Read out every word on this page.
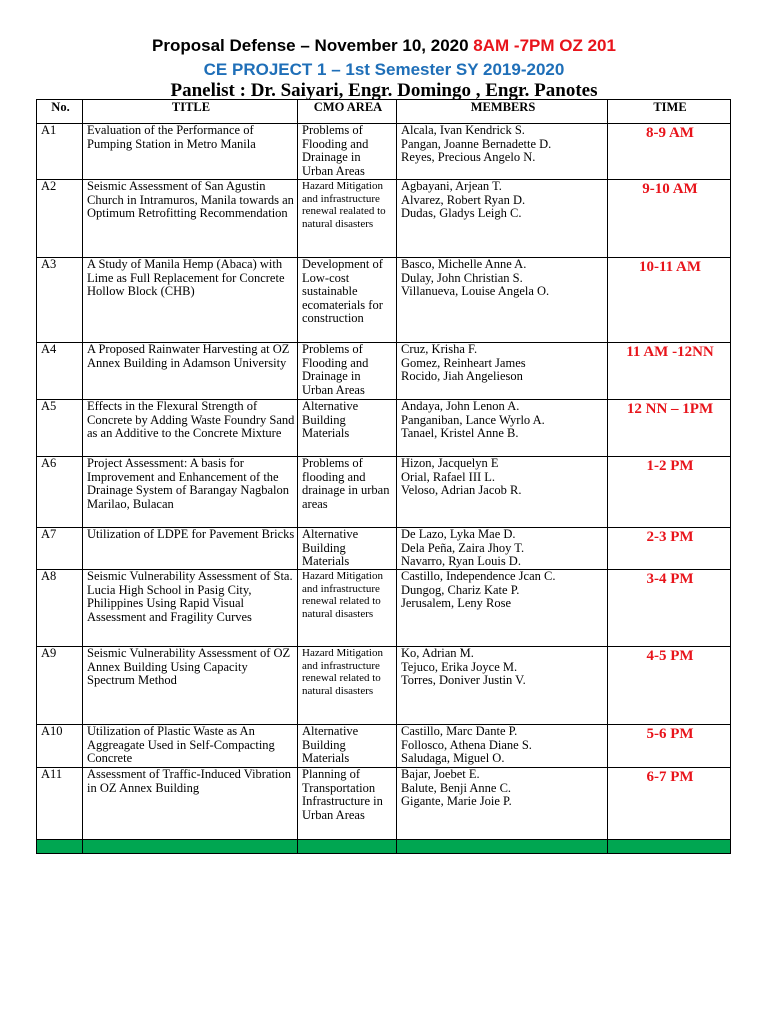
Proposal Defense – November 10, 2020 8AM -7PM OZ 201
CE PROJECT 1 – 1st Semester SY 2019-2020
Panelist : Dr. Saiyari, Engr. Domingo , Engr. Panotes
No.	TITLE	CMO AREA	MEMBERS	TIME
A1	Evaluation of the Performance of Pumping Station in Metro Manila	Problems of Flooding and Drainage in Urban Areas	Alcala, Ivan Kendrick S.
Pangan, Joanne Bernadette D.
Reyes, Precious Angelo N.	8-9 AM
A2	Seismic Assessment of San Agustin Church in Intramuros, Manila towards an Optimum Retrofitting Recommendation	Hazard Mitigation and infrastructure renewal realated to natural disasters	Agbayani, Arjean T.
Alvarez, Robert Ryan D.
Dudas, Gladys Leigh C.	9-10 AM
A3	A Study of Manila Hemp (Abaca) with Lime as Full Replacement for Concrete Hollow Block (CHB)	Development of Low-cost sustainable ecomaterials for construction	Basco, Michelle Anne A.
Dulay, John Christian S.
Villanueva, Louise Angela O.	10-11 AM
A4	A Proposed Rainwater Harvesting at OZ Annex Building in Adamson University	Problems of Flooding and Drainage in Urban Areas	Cruz, Krisha F.
Gomez, Reinheart James
Rocido, Jiah Angelieson	11 AM -12NN
A5	Effects in the Flexural Strength of Concrete by Adding Waste Foundry Sand as an Additive to the Concrete Mixture	Alternative Building Materials	Andaya, John Lenon A.
Panganiban, Lance Wyrlo A.
Tanael, Kristel Anne B.	12 NN – 1PM
A6	Project Assessment: A basis for Improvement and Enhancement of the Drainage System of Barangay Nagbalon Marilao, Bulacan	Problems of flooding and drainage in urban areas	Hizon, Jacquelyn E
Orial, Rafael III L.
Veloso, Adrian Jacob R.	1-2 PM
A7	Utilization of LDPE for Pavement Bricks	Alternative Building Materials	De Lazo, Lyka Mae D.
Dela Peña, Zaira Jhoy T.
Navarro, Ryan Louis D.	2-3 PM
A8	Seismic Vulnerability Assessment of Sta. Lucia High School in Pasig City, Philippines Using Rapid Visual Assessment and Fragility Curves	Hazard Mitigation and infrastructure renewal related to natural disasters	Castillo, Independence Jcan C.
Dungog, Chariz Kate P.
Jerusalem, Leny Rose	3-4 PM
A9	Seismic Vulnerability Assessment of OZ Annex Building Using Capacity Spectrum Method	Hazard Mitigation and infrastructure renewal related to natural disasters	Ko, Adrian M.
Tejuco, Erika Joyce M.
Torres, Doniver Justin V.	4-5 PM
A10	Utilization of Plastic Waste as An Aggreagate Used in Self-Compacting Concrete	Alternative Building Materials	Castillo, Marc Dante P.
Follosco, Athena Diane S.
Saludaga, Miguel O.	5-6 PM
A11	Assessment of Traffic-Induced Vibration in OZ Annex Building	Planning of Transportation Infrastructure in Urban Areas	Bajar, Joebet E.
Balute, Benji Anne C.
Gigante, Marie Joie P.	6-7 PM
